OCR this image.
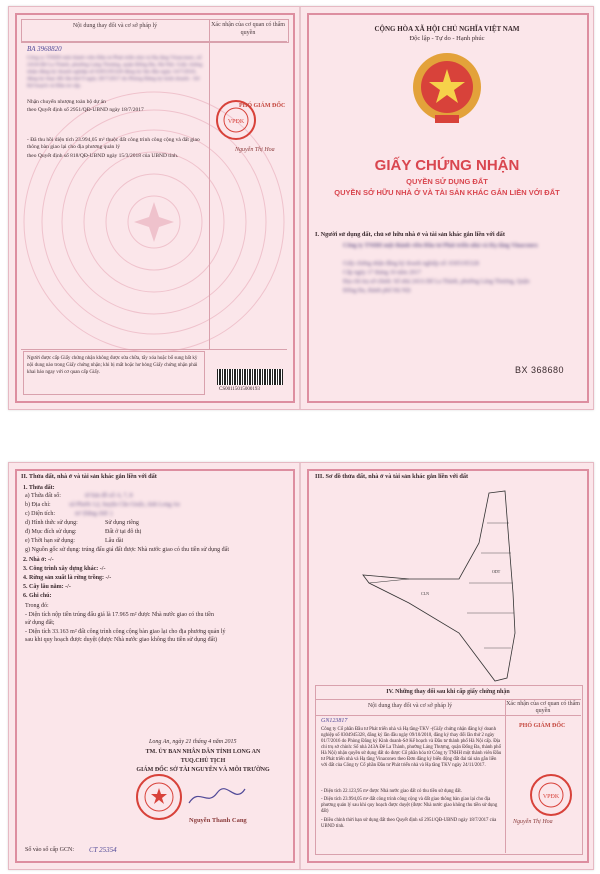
Nội dung thay đổi và cơ sở pháp lý	Xác nhận của cơ quan có thẩm quyền
BA 3968820
Công ty TNHH một thành viên Đầu tư Phát triển nhà và Hạ tầng Vinaconex, số 243A Đê La Thành, phường Láng Thượng, quận Đống Đa, Hà Nội. Giấy chứng nhận đăng ký doanh nghiệp số 0305195328 đăng ký lần đầu ngày 14/7/2010, đăng ký thay đổi lần thứ 9 ngày 28/7/2017 do Phòng Đăng ký kinh doanh - Sở Kế hoạch và Đầu tư cấp.
Nhận chuyển nhượng toàn bộ dự án
theo Quyết định số 2951/QĐ-UBND ngày 18/7/2017
- Đã thu hồi diện tích 23.994,05 m² thuộc đất công trình công cộng và đất giao thông bàn giao lại cho địa phương quản lý
theo Quyết định số 818/QĐ-UBND ngày 15/3/2018 của UBND tỉnh.
VPĐK
PHÓ GIÁM ĐỐC
Nguyễn Thị Hoa
Người được cấp Giấy chứng nhận không được sửa chữa, tẩy xóa hoặc bổ sung bất kỳ nội dung nào trong Giấy chứng nhận; khi bị mất hoặc hư hỏng Giấy chứng nhận phải khai báo ngay với cơ quan cấp Giấy.
CS00115015000193
CỘNG HÒA XÃ HỘI CHỦ NGHĨA VIỆT NAM
Độc lập - Tự do - Hạnh phúc
GIẤY CHỨNG NHẬN
QUYỀN SỬ DỤNG ĐẤT
QUYỀN SỞ HỮU NHÀ Ở VÀ TÀI SẢN KHÁC GẮN LIỀN VỚI ĐẤT
I. Người sử dụng đất, chủ sở hữu nhà ở và tài sản khác gắn liền với đất
Công ty TNHH một thành viên Đầu tư Phát triển nhà và Hạ tầng Vinaconex
Giấy chứng nhận đăng ký doanh nghiệp số: 0305195328
Cấp ngày 17 tháng 10 năm 2017
Địa chỉ trụ sở chính: Số nhà 243A Đê La Thành, phường Láng Thượng, Quận
Đống Đa, thành phố Hà Nội
BX 368680
II. Thửa đất, nhà ở và tài sản khác gắn liền với đất
1. Thửa đất:
a) Thửa đất số:	tờ bản đồ số: 6, 7, 8
b) Địa chỉ:	xã Phước Lý, huyện Cần Giuộc, tỉnh Long An
c) Diện tích:	m² (bằng chữ: )
d) Hình thức sử dụng:	Sử dụng riêng
đ) Mục đích sử dụng:	Đất ở tại đô thị
e) Thời hạn sử dụng:	Lâu dài
g) Nguồn gốc sử dụng: trúng đấu giá đất được Nhà nước giao có thu tiền sử dụng đất
2. Nhà ở: -/-
3. Công trình xây dựng khác: -/-
4. Rừng sản xuất là rừng trồng: -/-
5. Cây lâu năm: -/-
6. Ghi chú:
Trong đó:
- Diện tích nộp tiền trúng đấu giá là 17.965 m² được Nhà nước giao có thu tiền
sử dụng đất;
- Diện tích 33.163 m² đất công trình công cộng bàn giao lại cho địa phương quản lý
sau khi quy hoạch được duyệt (được Nhà nước giao không thu tiền sử dụng đất)
Long An, ngày 21 tháng 4 năm 2015
TM. ỦY BAN NHÂN DÂN TỈNH LONG AN
TUQ.CHỦ TỊCH
GIÁM ĐỐC SỞ TÀI NGUYÊN VÀ MÔI TRƯỜNG
Nguyễn Thanh Cang
Số vào sổ cấp GCN: CT 25354
III. Sơ đồ thửa đất, nhà ở và tài sản khác gắn liền với đất
CLN
ODT
IV. Những thay đổi sau khi cấp giấy chứng nhận
Nội dung thay đổi và cơ sở pháp lý	Xác nhận của cơ quan có thẩm quyền
GN123817
Công ty Cổ phần Đầu tư Phát triển nhà và Hạ tầng-TKV -(Giấy chứng nhận đăng ký doanh nghiệp số 0304945328, đăng ký lần đầu ngày 09/10/2010, đăng ký thay đổi lần thứ 2 ngày 01/7/2016 do Phòng Đăng ký Kinh doanh-Sở Kế hoạch và Đầu tư thành phố Hà Nội cấp. Địa chỉ trụ sở chính: Số nhà 243A Đê La Thành, phường Láng Thượng, quận Đống Đa, thành phố Hà Nội) nhận quyền sử dụng đất do được Cổ phần hóa từ Công ty TNHH một thành viên Đầu tư Phát triển nhà và Hạ tầng Vinaconex theo Đơn đăng ký biến động đất đai tài sản gắn liền với đất của Công ty Cổ phần Đầu tư Phát triển nhà và Hạ tầng TKV ngày 24/11/2017.
- Diện tích 22.123,95 m² được Nhà nước giao đất có thu tiền sử dụng đất.
- Diện tích 23.994,05 m² đất công trình công cộng và đất giao thông bàn giao lại cho địa phương quản lý sau khi quy hoạch được duyệt (được Nhà nước giao không thu tiền sử dụng đất)
- Điều chỉnh thời hạn sử dụng đất theo Quyết định số 2951/QĐ-UBND ngày 18/7/2017 của UBND tỉnh.
PHÓ GIÁM ĐỐC
VPĐK
Nguyễn Thị Hoa
